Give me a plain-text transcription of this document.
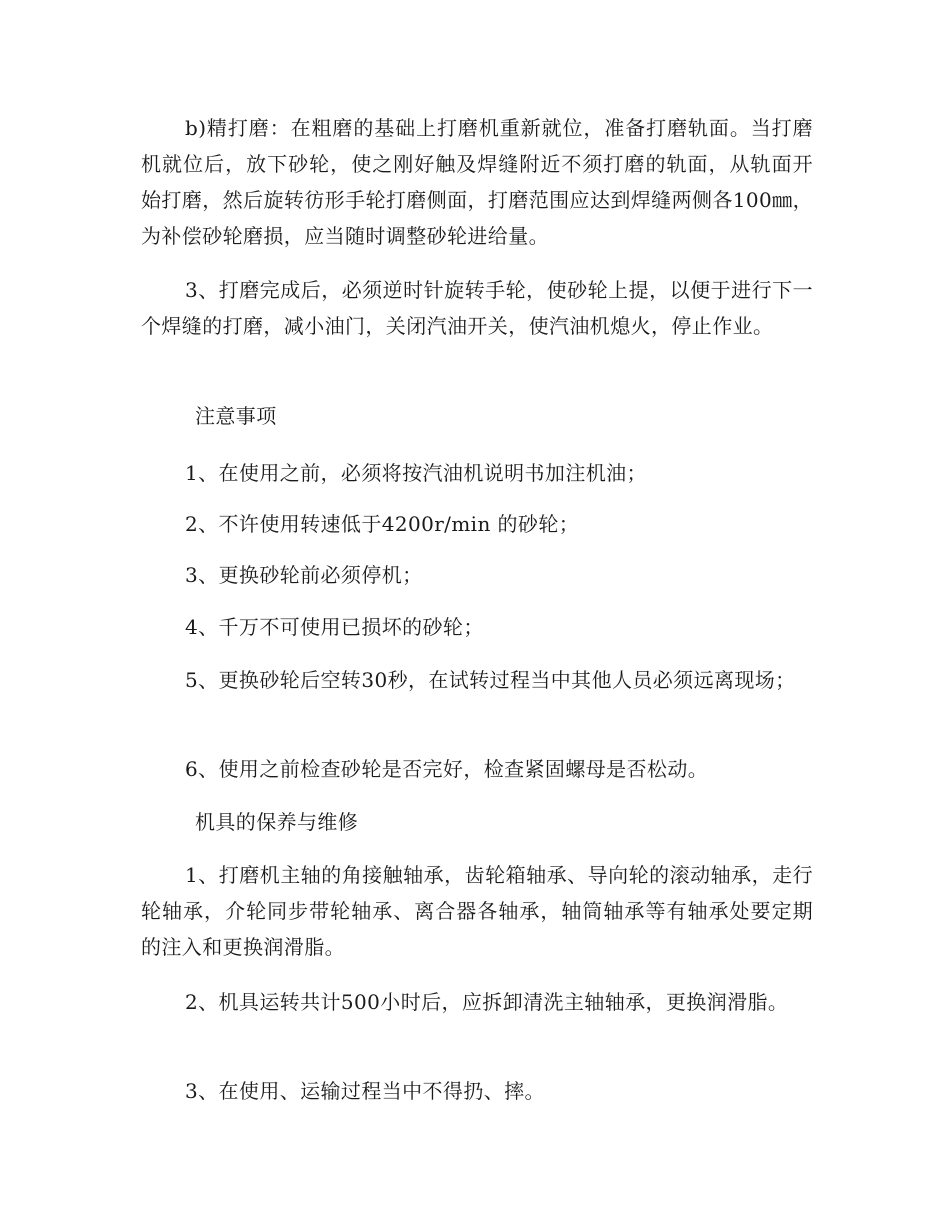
b)精打磨：在粗磨的基础上打磨机重新就位，准备打磨轨面。当打磨机就位后，放下砂轮，使之刚好触及焊缝附近不须打磨的轨面，从轨面开始打磨，然后旋转彷形手轮打磨侧面，打磨范围应达到焊缝两侧各100㎜，为补偿砂轮磨损，应当随时调整砂轮进给量。

3、打磨完成后，必须逆时针旋转手轮，使砂轮上提，以便于进行下一个焊缝的打磨，减小油门，关闭汽油开关，使汽油机熄火，停止作业。

注意事项

1、在使用之前，必须将按汽油机说明书加注机油；

2、不许使用转速低于4200r/min 的砂轮；

3、更换砂轮前必须停机；

4、千万不可使用已损坏的砂轮；

5、更换砂轮后空转30秒，在试转过程当中其他人员必须远离现场；

6、使用之前检查砂轮是否完好，检查紧固螺母是否松动。

机具的保养与维修

1、打磨机主轴的角接触轴承，齿轮箱轴承、导向轮的滚动轴承，走行轮轴承，介轮同步带轮轴承、离合器各轴承，轴筒轴承等有轴承处要定期的注入和更换润滑脂。

2、机具运转共计500小时后，应拆卸清洗主轴轴承，更换润滑脂。

3、在使用、运输过程当中不得扔、摔。
